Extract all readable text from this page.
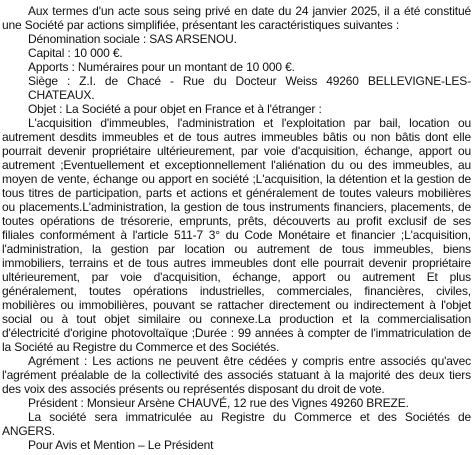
Aux termes d'un acte sous seing privé en date du 24 janvier 2025, il a été constitué une Société par actions simplifiée, présentant les caractéristiques suivantes :

Dénomination sociale : SAS ARSENOU.

Capital : 10 000 €.

Apports : Numéraires pour un montant de 10 000 €.

Siège : Z.I. de Chacé - Rue du Docteur Weiss 49260 BELLEVIGNE-LES-CHATEAUX.

Objet : La Société a pour objet en France et à l'étranger :

L'acquisition d'immeubles, l'administration et l'exploitation par bail, location ou autrement desdits immeubles et de tous autres immeubles bâtis ou non bâtis dont elle pourrait devenir propriétaire ultérieurement, par voie d'acquisition, échange, apport ou autrement ;Eventuellement et exceptionnellement l'aliénation du ou des immeubles, au moyen de vente, échange ou apport en société ;L'acquisition, la détention et la gestion de tous titres de participation, parts et actions et généralement de toutes valeurs mobilières ou placements.L'administration, la gestion de tous instruments financiers, placements, de toutes opérations de trésorerie, emprunts, prêts, découverts au profit exclusif de ses filiales conformément à l'article 511-7 3° du Code Monétaire et financier ;L'acquisition, l'administration, la gestion par location ou autrement de tous immeubles, biens immobiliers, terrains et de tous autres immeubles dont elle pourrait devenir propriétaire ultérieurement, par voie d'acquisition, échange, apport ou autrement Et plus généralement, toutes opérations industrielles, commerciales, financières, civiles, mobilières ou immobilières, pouvant se rattacher directement ou indirectement à l'objet social ou à tout objet similaire ou connexe.La production et la commercialisation d'électricité d'origine photovoltaïque ;Durée : 99 années à compter de l'immatriculation de la Société au Registre du Commerce et des Sociétés.

Agrément : Les actions ne peuvent être cédées y compris entre associés qu'avec l'agrément préalable de la collectivité des associés statuant à la majorité des deux tiers des voix des associés présents ou représentés disposant du droit de vote.

Président : Monsieur Arsène CHAUVÉ, 12 rue des Vignes 49260 BREZE.

La société sera immatriculée au Registre du Commerce et des Sociétés de ANGERS.

Pour Avis et Mention – Le Président
